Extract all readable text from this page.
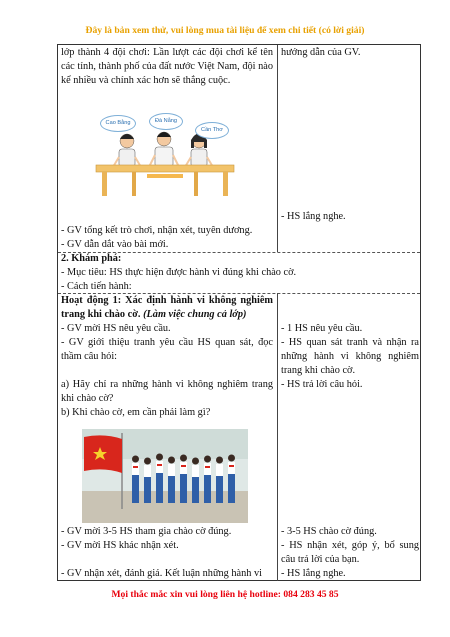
Đây là bản xem thử, vui lòng mua tài liệu để xem chi tiết (có lời giải)
lớp thành 4 đội chơi: Lần lượt các đội chơi kể tên các tỉnh, thành phố của đất nước Việt Nam, đội nào kể nhiều và chính xác hơn sẽ thắng cuộc.
hướng dẫn của GV.
Cao Bằng	Đà Nẵng
Cần Thơ

- GV tổng kết trò chơi, nhận xét, tuyên dương.

- GV dẫn dắt vào bài mới.

- HS lắng nghe.

2. Khám phá:

- Mục tiêu: HS thực hiện được hành vi đúng khi chào cờ.

- Cách tiến hành:

Hoạt động 1: Xác định hành vi không nghiêm trang khi chào cờ. (Làm việc chung cả lớp)

- GV mời HS nêu yêu cầu.

- GV giới thiệu tranh yêu cầu HS quan sát, đọc thầm câu hỏi:

a) Hãy chỉ ra những hành vi không nghiêm trang khi chào cờ?

b) Khi chào cờ, em cần phải làm gì?

- GV mời 3-5 HS tham gia chào cờ đúng.

- GV mời HS khác nhận xét.

- GV nhận xét, đánh giá. Kết luận những hành vi

- 1 HS nêu yêu cầu.

- HS quan sát tranh và nhận ra những hành vi không nghiêm trang khi chào cờ.

- HS trả lời câu hỏi.

- 3-5 HS chào cờ đúng.

- HS nhận xét, góp ý, bổ sung câu trả lời của bạn.

- HS lắng nghe.

Mọi thắc mắc xin vui lòng liên hệ hotline: 084 283 45 85
